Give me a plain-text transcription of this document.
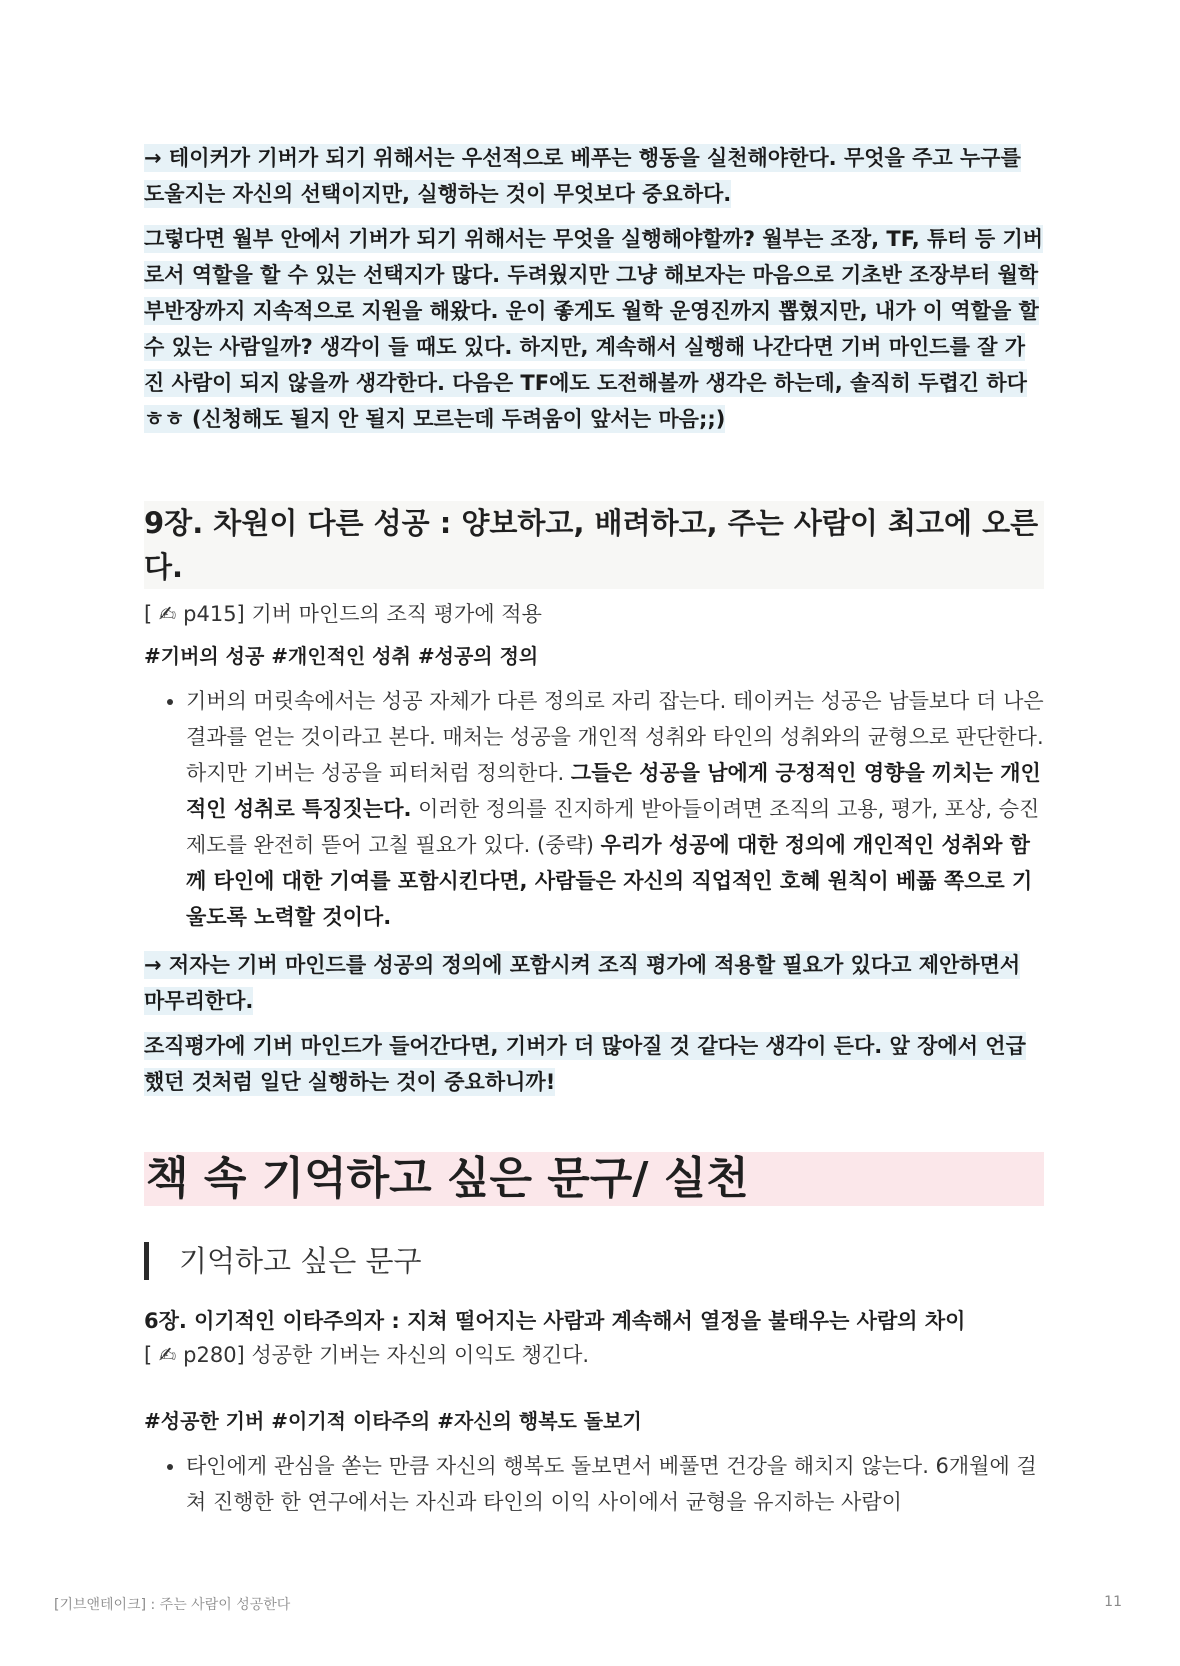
→ 테이커가 기버가 되기 위해서는 우선적으로 베푸는 행동을 실천해야한다. 무엇을 주고 누구를 도울지는 자신의 선택이지만, 실행하는 것이 무엇보다 중요하다.

그렇다면 월부 안에서 기버가 되기 위해서는 무엇을 실행해야할까? 월부는 조장, TF, 튜터 등 기버로서 역할을 할 수 있는 선택지가 많다. 두려웠지만 그냥 해보자는 마음으로 기초반 조장부터 월학 부반장까지 지속적으로 지원을 해왔다. 운이 좋게도 월학 운영진까지 뽑혔지만, 내가 이 역할을 할 수 있는 사람일까? 생각이 들 때도 있다. 하지만, 계속해서 실행해 나간다면 기버 마인드를 잘 가진 사람이 되지 않을까 생각한다. 다음은 TF에도 도전해볼까 생각은 하는데, 솔직히 두렵긴 하다ㅎㅎ (신청해도 될지 안 될지 모르는데 두려움이 앞서는 마음;;)

9장. 차원이 다른 성공 : 양보하고, 배려하고, 주는 사람이 최고에 오른다.

[ ✍ p415] 기버 마인드의 조직 평가에 적용

#기버의 성공 #개인적인 성취 #성공의 정의
• 기버의 머릿속에서는 성공 자체가 다른 정의로 자리 잡는다. 테이커는 성공은 남들보다 더 나은 결과를 얻는 것이라고 본다. 매처는 성공을 개인적 성취와 타인의 성취와의 균형으로 판단한다. 하지만 기버는 성공을 피터처럼 정의한다. 그들은 성공을 남에게 긍정적인 영향을 끼치는 개인적인 성취로 특징짓는다. 이러한 정의를 진지하게 받아들이려면 조직의 고용, 평가, 포상, 승진 제도를 완전히 뜯어 고칠 필요가 있다. (중략) 우리가 성공에 대한 정의에 개인적인 성취와 함께 타인에 대한 기여를 포함시킨다면, 사람들은 자신의 직업적인 호혜 원칙이 베풂 쪽으로 기울도록 노력할 것이다.

→ 저자는 기버 마인드를 성공의 정의에 포함시켜 조직 평가에 적용할 필요가 있다고 제안하면서 마무리한다.

조직평가에 기버 마인드가 들어간다면, 기버가 더 많아질 것 같다는 생각이 든다. 앞 장에서 언급했던 것처럼 일단 실행하는 것이 중요하니까!

책 속 기억하고 싶은 문구/ 실천
기억하고 싶은 문구

6장. 이기적인 이타주의자 : 지쳐 떨어지는 사람과 계속해서 열정을 불태우는 사람의 차이

[ ✍ p280] 성공한 기버는 자신의 이익도 챙긴다.

#성공한 기버 #이기적 이타주의 #자신의 행복도 돌보기
• 타인에게 관심을 쏟는 만큼 자신의 행복도 돌보면서 베풀면 건강을 해치지 않는다. 6개월에 걸쳐 진행한 한 연구에서는 자신과 타인의 이익 사이에서 균형을 유지하는 사람이
[기브앤테이크] : 주는 사람이 성공한다	11
